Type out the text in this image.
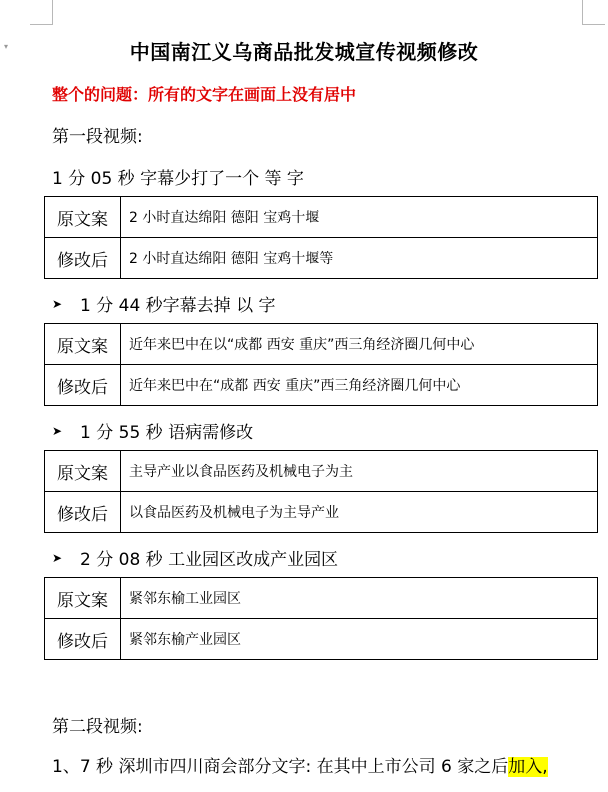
▾	中国南江义乌商品批发城宣传视频修改
整个的问题：所有的文字在画面上没有居中
第一段视频:
1 分 05 秒 字幕少打了一个 等 字
原文案	2 小时直达绵阳 德阳 宝鸡十堰
修改后	2 小时直达绵阳 德阳 宝鸡十堰等
➤	1 分 44 秒字幕去掉 以 字
原文案	近年来巴中在以“成都 西安 重庆”西三角经济圈几何中心
修改后	近年来巴中在“成都 西安 重庆”西三角经济圈几何中心
➤	1 分 55 秒 语病需修改
原文案	主导产业以食品医药及机械电子为主
修改后	以食品医药及机械电子为主导产业
➤	2 分 08 秒 工业园区改成产业园区
原文案	紧邻东榆工业园区
修改后	紧邻东榆产业园区
第二段视频:
1、7 秒 深圳市四川商会部分文字: 在其中上市公司 6 家之后加入,
